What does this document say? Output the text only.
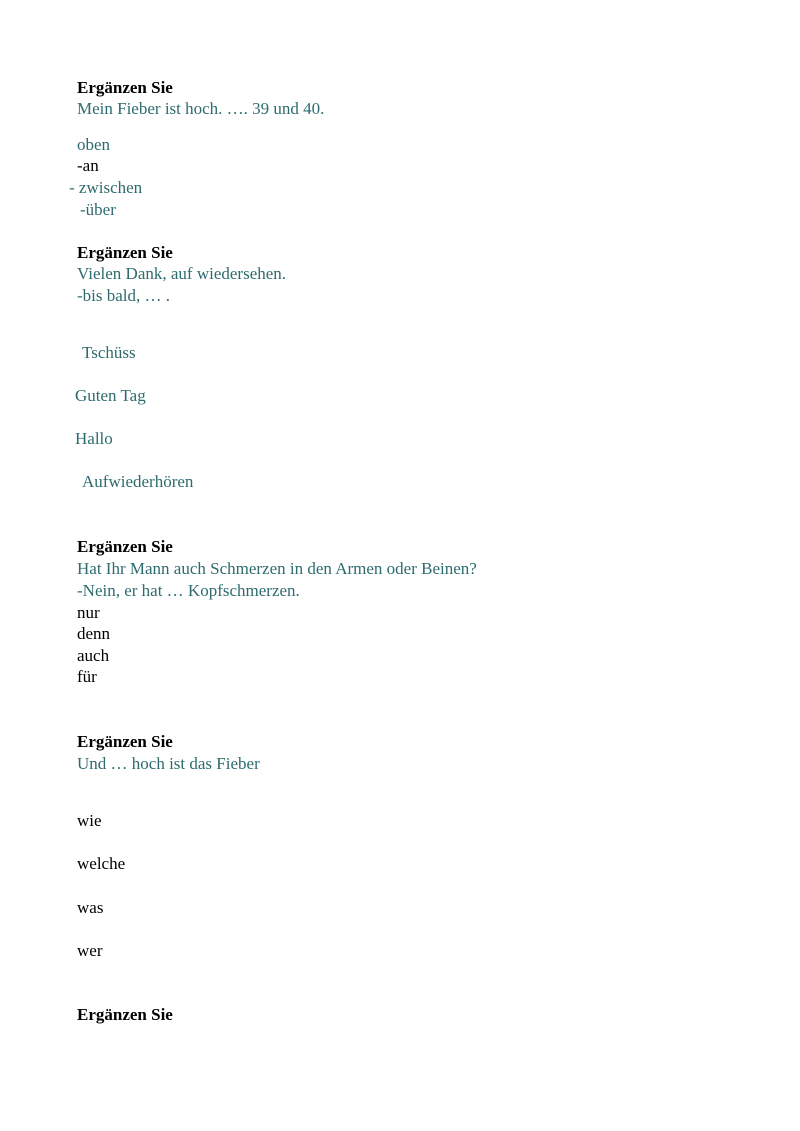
Ergänzen Sie
Mein Fieber ist hoch. …. 39 und 40.
oben
-an
- zwischen
-über
Ergänzen Sie
Vielen Dank, auf wiedersehen.
-bis bald, … .
Tschüss
Guten Tag
Hallo
Aufwiederhören
Ergänzen Sie
Hat Ihr Mann auch Schmerzen in den Armen oder Beinen?
-Nein, er hat … Kopfschmerzen.
nur
denn
auch
für
Ergänzen Sie
Und … hoch ist das Fieber
wie
welche
was
wer
Ergänzen Sie
